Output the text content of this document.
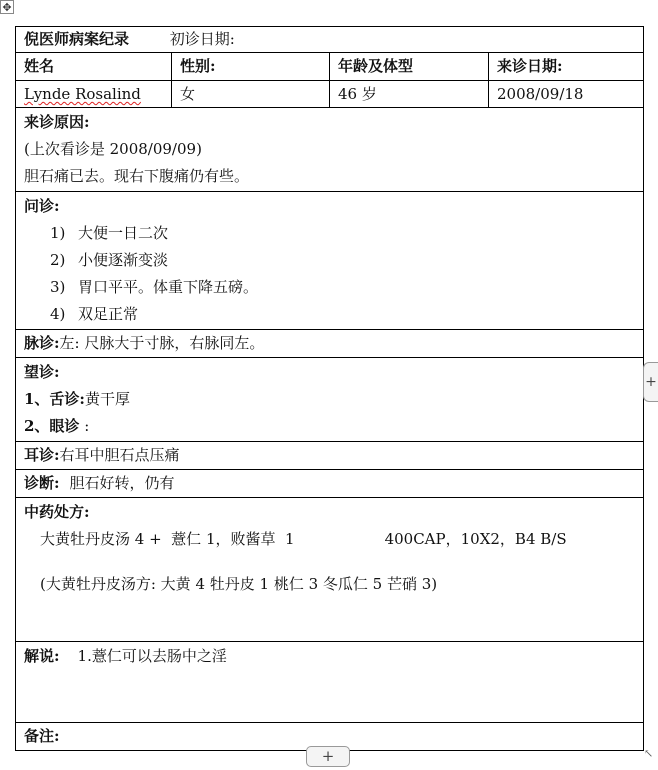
✥
倪医师病案纪录 初诊日期:			
姓名	性别:	年龄及体型	来诊日期:
Lynde Rosalind	女	46 岁	2008/09/18

来诊原因:
(上次看诊是 2008/09/09)
胆石痛已去。现右下腹痛仍有些。			

问诊:
1) 大便一日二次
2) 小便逐渐变淡
3) 胃口平平。体重下降五磅。
4) 双足正常			

脉诊:左: 尺脉大于寸脉，右脉同左。			

望诊:
1、舌诊:黄干厚
2、眼诊 :			

耳诊:右耳中胆石点压痛			

诊断: 胆石好转，仍有			

中药处方:
大黄牡丹皮汤 4 +  薏仁 1，败酱草  1 400CAP，10X2，B4 B/S
(大黄牡丹皮汤方: 大黄 4 牡丹皮 1 桃仁 3 冬瓜仁 5 芒硝 3)			

解说: 1.薏仁可以去肠中之淫			

备注:			
+
+	↖
